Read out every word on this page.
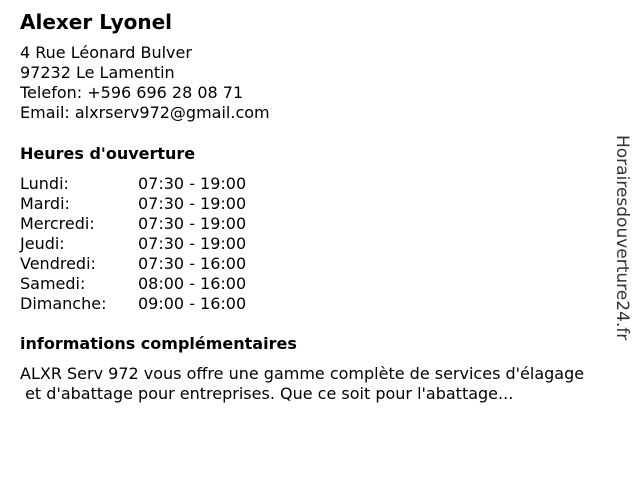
Alexer Lyonel
4 Rue Léonard Bulver
97232 Le Lamentin
Telefon: +596 696 28 08 71
Email: alxrserv972@gmail.com
Heures d'ouverture
Lundi:	07:30 - 19:00
Mardi:	07:30 - 19:00
Mercredi:	07:30 - 19:00
Jeudi:	07:30 - 19:00
Vendredi:	07:30 - 16:00
Samedi:	08:00 - 16:00
Dimanche:	09:00 - 16:00
informations complémentaires
ALXR Serv 972 vous offre une gamme complète de services d'élagage
et d'abattage pour entreprises. Que ce soit pour l'abattage...
Horairesdouverture24.fr
